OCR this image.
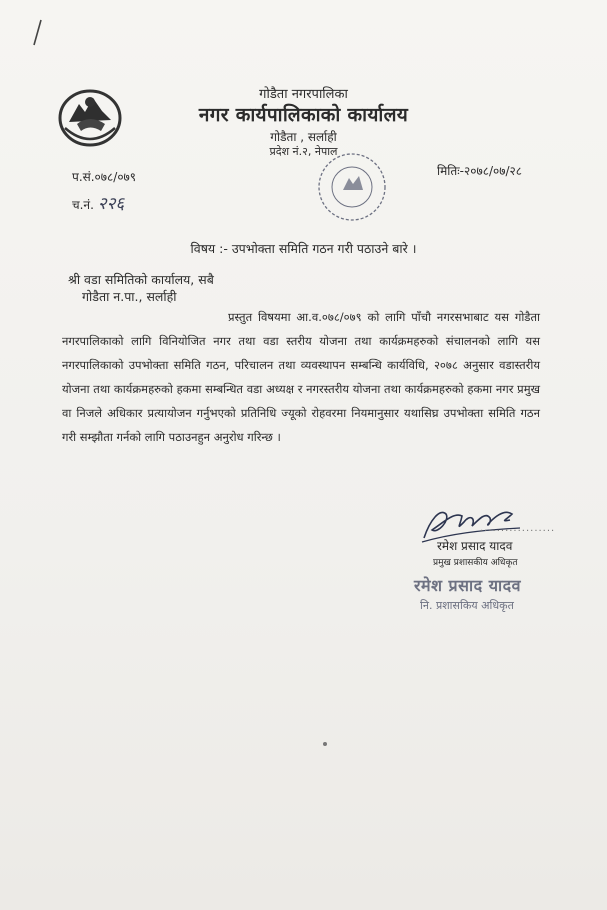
गोडैता नगरपालिका
नगर कार्यपालिकाको कार्यालय
गोडैता , सर्लाही
प्रदेश नं.२, नेपाल
प.सं.०७८/०७९
च.नं. २२६
मितिः-२०७८/०७/२८
विषय :- उपभोक्ता समिति गठन गरी पठाउने बारे ।
श्री वडा समितिको कार्यालय, सबै
गोडैता न.पा., सर्लाही

प्रस्तुत विषयमा आ.व.०७८/०७९ को लागि पाँचौ नगरसभाबाट यस गोडैता नगरपालिकाको लागि विनियोजित नगर तथा वडा स्तरीय योजना तथा कार्यक्रमहरुको संचालनको लागि यस नगरपालिकाको उपभोक्ता समिति गठन, परिचालन तथा व्यवस्थापन सम्बन्धि कार्यविधि, २०७८ अनुसार वडास्तरीय योजना तथा कार्यक्रमहरुको हकमा सम्बन्धित वडा अध्यक्ष र नगरस्तरीय योजना तथा कार्यक्रमहरुको हकमा नगर प्रमुख वा निजले अधिकार प्रत्यायोजन गर्नुभएको प्रतिनिधि ज्यूको रोहवरमा नियमानुसार यथासिघ्र उपभोक्ता समिति गठन गरी सम्झौता गर्नको लागि पठाउनहुन अनुरोध गरिन्छ ।

..................
रमेश प्रसाद यादव
प्रमुख प्रशासकीय अधिकृत
रमेश प्रसाद यादव
नि. प्रशासकिय अधिकृत
